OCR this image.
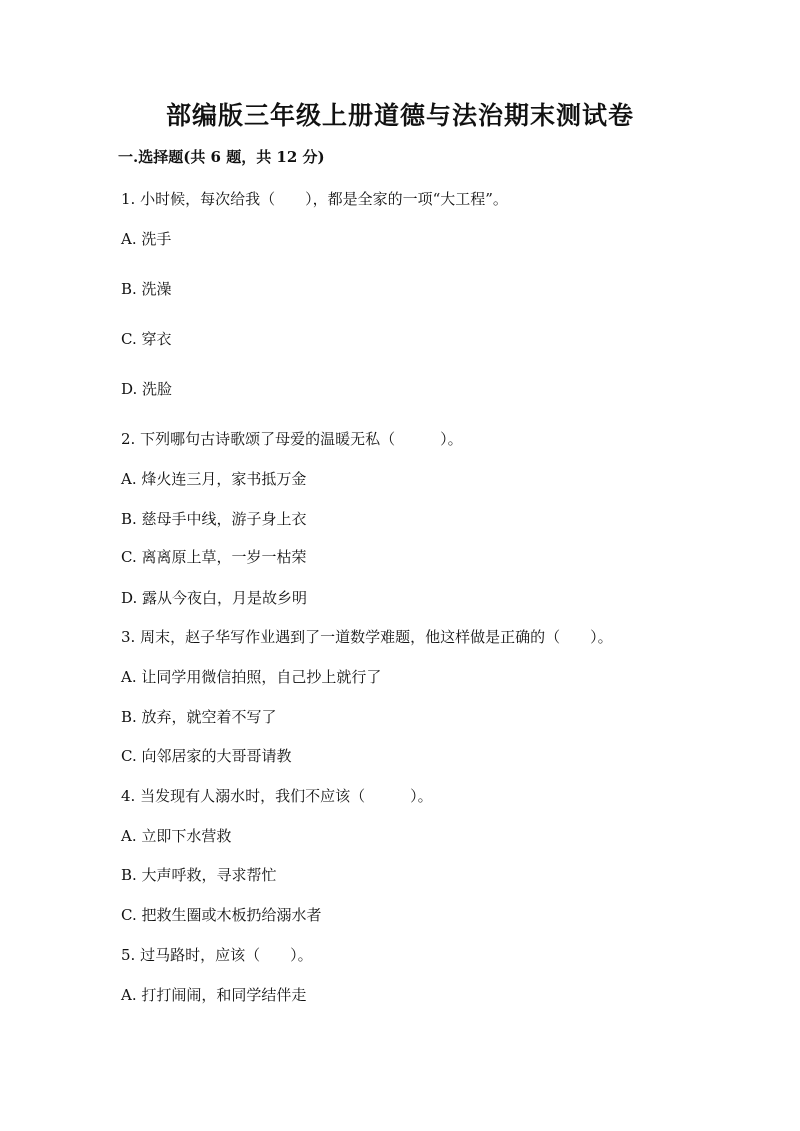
部编版三年级上册道德与法治期末测试卷

一.选择题(共 6 题，共 12 分)

1. 小时候，每次给我（　　），都是全家的一项“大工程”。

A. 洗手

B. 洗澡

C. 穿衣

D. 洗脸

2. 下列哪句古诗歌颂了母爱的温暖无私（　　　）。

A. 烽火连三月，家书抵万金

B. 慈母手中线，游子身上衣

C. 离离原上草，一岁一枯荣

D. 露从今夜白，月是故乡明

3. 周末，赵子华写作业遇到了一道数学难题，他这样做是正确的（　　）。

A. 让同学用微信拍照，自己抄上就行了

B. 放弃，就空着不写了

C. 向邻居家的大哥哥请教

4. 当发现有人溺水时，我们不应该（　　　）。

A. 立即下水营救

B. 大声呼救，寻求帮忙

C. 把救生圈或木板扔给溺水者

5. 过马路时，应该（　　）。

A. 打打闹闹，和同学结伴走
